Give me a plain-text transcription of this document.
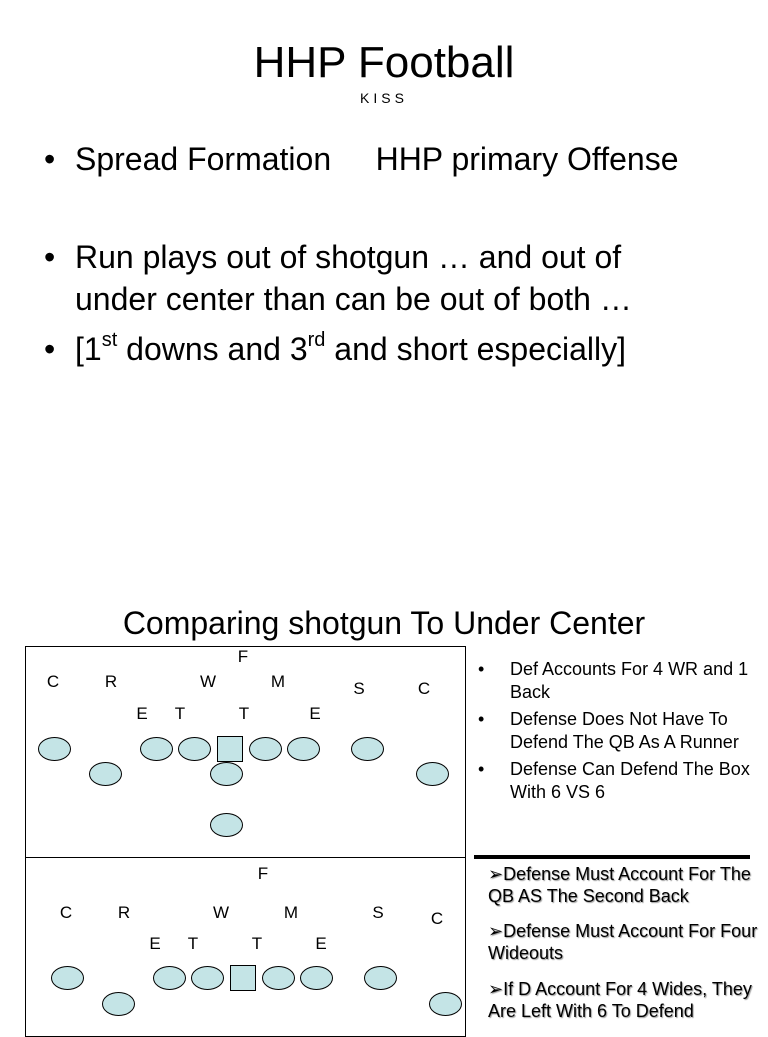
HHP Football
KISS
• Spread Formation     HHP primary Offense
• Run plays out of shotgun … and out of
under center than can be out of both …
• [1st downs and 3rd and short especially]
Comparing shotgun To Under Center
F
C	R	W	M	S	C
E T	T	E
F
C	R	W	M	S	C
E T	T	E
• Def Accounts For 4 WR and 1 Back
• Defense Does Not Have To Defend The QB As A Runner
• Defense Can Defend The Box With 6 VS 6
➢Defense Must Account For The QB AS The Second Back
➢Defense Must Account For Four Wideouts
➢If D Account For 4 Wides, They Are Left With 6 To Defend
